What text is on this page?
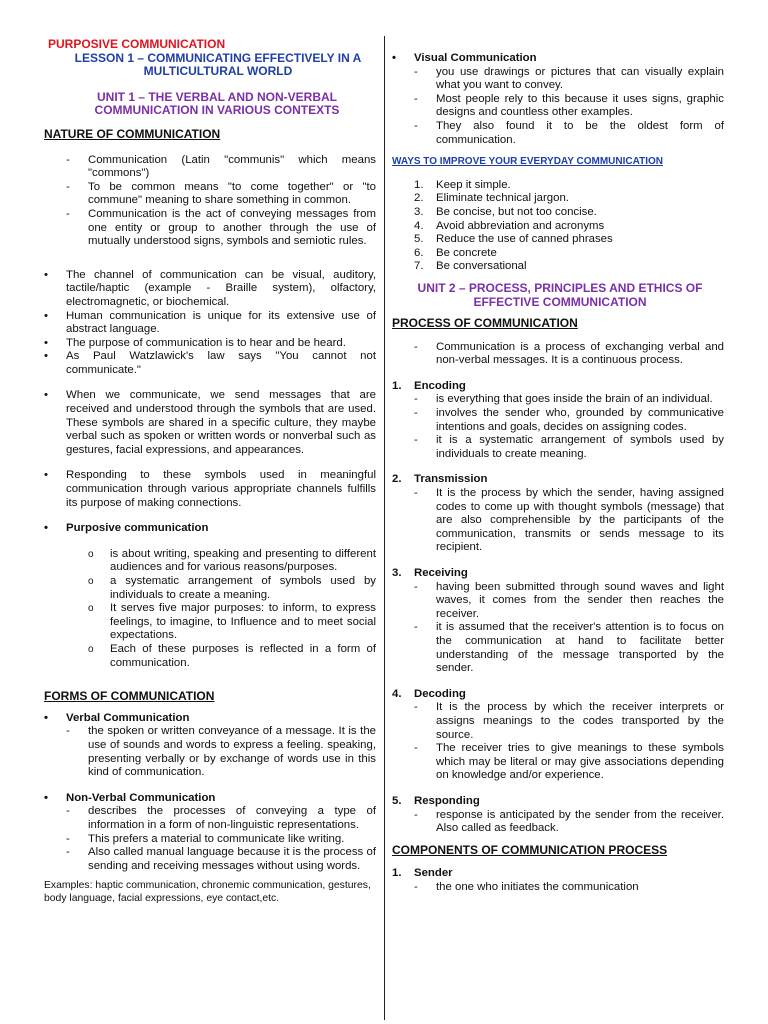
PURPOSIVE COMMUNICATION
LESSON 1 – COMMUNICATING EFFECTIVELY IN A MULTICULTURAL WORLD
UNIT 1 – THE VERBAL AND NON-VERBAL COMMUNICATION IN VARIOUS CONTEXTS
NATURE OF COMMUNICATION
- Communication (Latin "communis" which means "commons")
- To be common means "to come together" or "to commune" meaning to share something in common.
- Communication is the act of conveying messages from one entity or group to another through the use of mutually understood signs, symbols and semiotic rules.
• The channel of communication can be visual, auditory, tactile/haptic (example - Braille system), olfactory, electromagnetic, or biochemical.
• Human communication is unique for its extensive use of abstract language.
• The purpose of communication is to hear and be heard.
• As Paul Watzlawick's law says "You cannot not communicate."
• When we communicate, we send messages that are received and understood through the symbols that are used. These symbols are shared in a specific culture, they maybe verbal such as spoken or written words or nonverbal such as gestures, facial expressions, and appearances.
• Responding to these symbols used in meaningful communication through various appropriate channels fulfills its purpose of making connections.
• Purposive communication
o is about writing, speaking and presenting to different audiences and for various reasons/purposes.
o a systematic arrangement of symbols used by individuals to create a meaning.
o It serves five major purposes: to inform, to express feelings, to imagine, to Influence and to meet social expectations.
o Each of these purposes is reflected in a form of communication.
FORMS OF COMMUNICATION
• Verbal Communication
- the spoken or written conveyance of a message. It is the use of sounds and words to express a feeling. speaking, presenting verbally or by exchange of words use in this kind of communication.
• Non-Verbal Communication
- describes the processes of conveying a type of information in a form of non-linguistic representations.
- This prefers a material to communicate like writing.
- Also called manual language because it is the process of sending and receiving messages without using words.
Examples: haptic communication, chronemic communication, gestures, body language, facial expressions, eye contact,etc.
• Visual Communication
- you use drawings or pictures that can visually explain what you want to convey.
- Most people rely to this because it uses signs, graphic designs and countless other examples.
- They also found it to be the oldest form of communication.
WAYS TO IMPROVE YOUR EVERYDAY COMMUNICATION
1. Keep it simple.
2. Eliminate technical jargon.
3. Be concise, but not too concise.
4. Avoid abbreviation and acronyms
5. Reduce the use of canned phrases
6. Be concrete
7. Be conversational
UNIT 2 – PROCESS, PRINCIPLES AND ETHICS OF EFFECTIVE COMMUNICATION
PROCESS OF COMMUNICATION
- Communication is a process of exchanging verbal and non-verbal messages. It is a continuous process.
1. Encoding
- is everything that goes inside the brain of an individual.
- involves the sender who, grounded by communicative intentions and goals, decides on assigning codes.
- it is a systematic arrangement of symbols used by individuals to create meaning.
2. Transmission
- It is the process by which the sender, having assigned codes to come up with thought symbols (message) that are also comprehensible by the participants of the communication, transmits or sends message to its recipient.
3. Receiving
- having been submitted through sound waves and light waves, it comes from the sender then reaches the receiver.
- it is assumed that the receiver's attention is to focus on the communication at hand to facilitate better understanding of the message transported by the sender.
4. Decoding
- It is the process by which the receiver interprets or assigns meanings to the codes transported by the source.
- The receiver tries to give meanings to these symbols which may be literal or may give associations depending on knowledge and/or experience.
5. Responding
- response is anticipated by the sender from the receiver. Also called as feedback.
COMPONENTS OF COMMUNICATION PROCESS
1. Sender
- the one who initiates the communication
